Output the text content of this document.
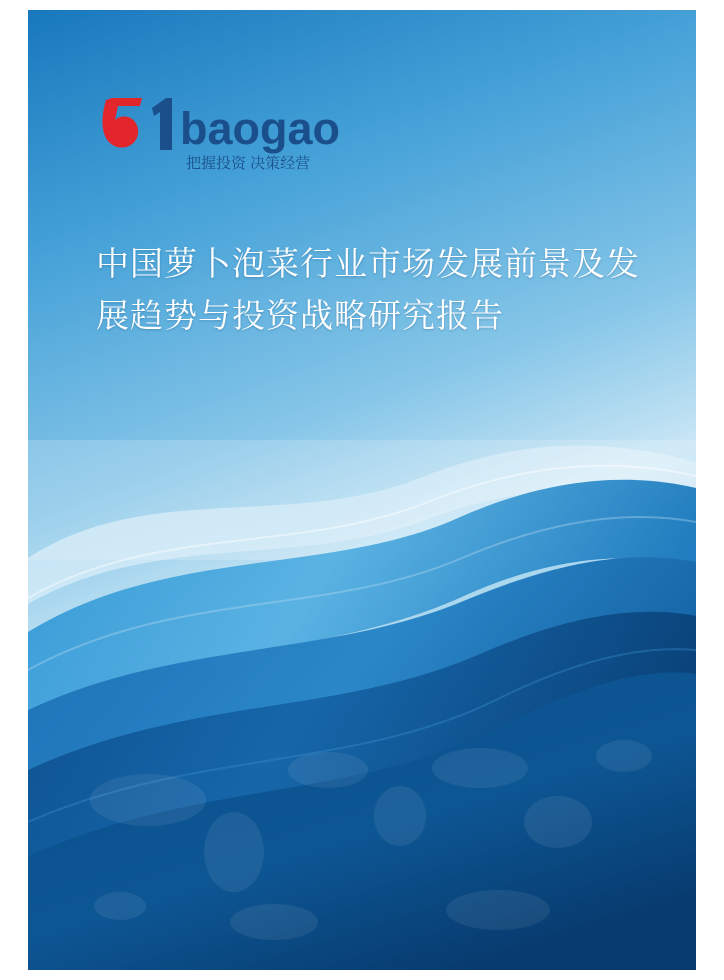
baogao
把握投资 决策经营
中国萝卜泡菜行业市场发展前景及发展趋势与投资战略研究报告
